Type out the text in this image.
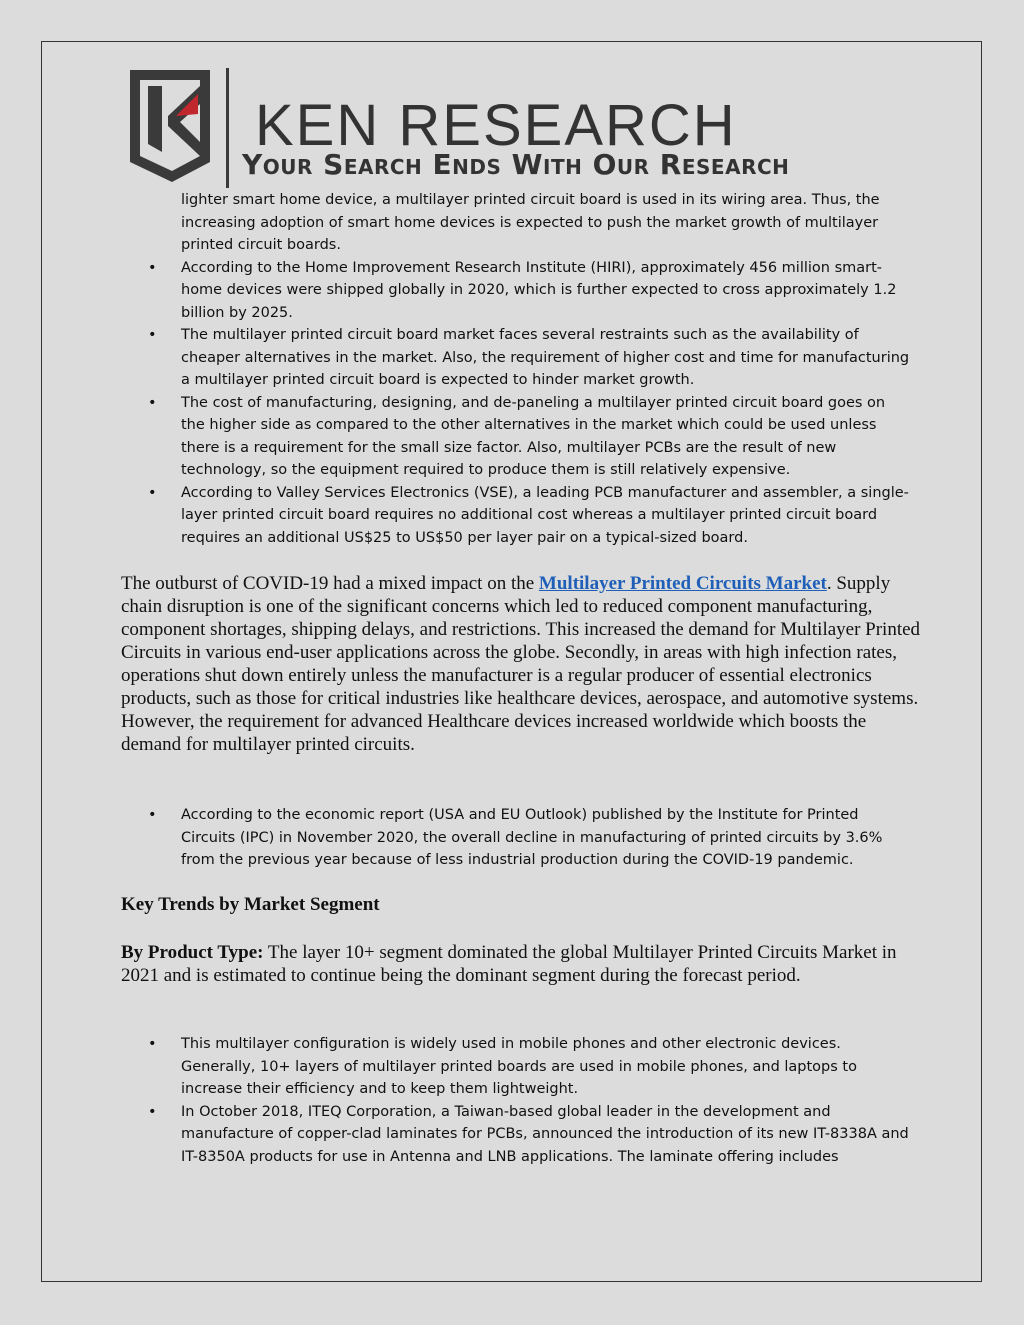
KEN RESEARCH
Your Search Ends With Our Research
lighter smart home device, a multilayer printed circuit board is used in its wiring area. Thus, the increasing adoption of smart home devices is expected to push the market growth of multilayer printed circuit boards.
• According to the Home Improvement Research Institute (HIRI), approximately 456 million smart-home devices were shipped globally in 2020, which is further expected to cross approximately 1.2 billion by 2025.
• The multilayer printed circuit board market faces several restraints such as the availability of cheaper alternatives in the market. Also, the requirement of higher cost and time for manufacturing a multilayer printed circuit board is expected to hinder market growth.
• The cost of manufacturing, designing, and de-paneling a multilayer printed circuit board goes on the higher side as compared to the other alternatives in the market which could be used unless there is a requirement for the small size factor. Also, multilayer PCBs are the result of new technology, so the equipment required to produce them is still relatively expensive.
• According to Valley Services Electronics (VSE), a leading PCB manufacturer and assembler, a single-layer printed circuit board requires no additional cost whereas a multilayer printed circuit board requires an additional US$25 to US$50 per layer pair on a typical-sized board.

The outburst of COVID-19 had a mixed impact on the Multilayer Printed Circuits Market. Supply chain disruption is one of the significant concerns which led to reduced component manufacturing, component shortages, shipping delays, and restrictions. This increased the demand for Multilayer Printed Circuits in various end-user applications across the globe. Secondly, in areas with high infection rates, operations shut down entirely unless the manufacturer is a regular producer of essential electronics products, such as those for critical industries like healthcare devices, aerospace, and automotive systems. However, the requirement for advanced Healthcare devices increased worldwide which boosts the demand for multilayer printed circuits.

• According to the economic report (USA and EU Outlook) published by the Institute for Printed Circuits (IPC) in November 2020, the overall decline in manufacturing of printed circuits by 3.6% from the previous year because of less industrial production during the COVID-19 pandemic.
Key Trends by Market Segment

By Product Type: The layer 10+ segment dominated the global Multilayer Printed Circuits Market in 2021 and is estimated to continue being the dominant segment during the forecast period.

• This multilayer configuration is widely used in mobile phones and other electronic devices. Generally, 10+ layers of multilayer printed boards are used in mobile phones, and laptops to increase their efficiency and to keep them lightweight.
• In October 2018, ITEQ Corporation, a Taiwan-based global leader in the development and manufacture of copper-clad laminates for PCBs, announced the introduction of its new IT-8338A and IT-8350A products for use in Antenna and LNB applications. The laminate offering includes
